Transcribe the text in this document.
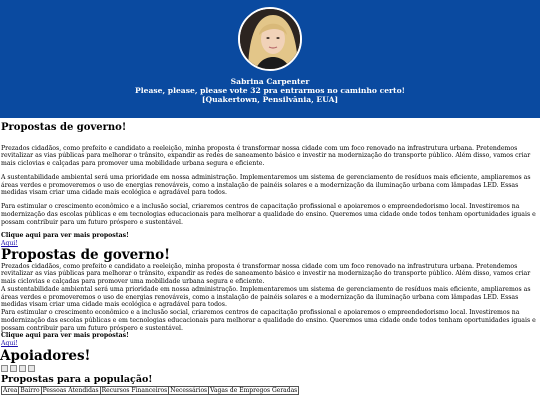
Sabrina Carpenter
Please, please, please vote 32 pra entrarmos no caminho certo!
[Quakertown, Pensilvânia, EUA]
Propostas de governo!

Prezados cidadãos, como prefeito e candidato a reeleição, minha proposta é transformar nossa cidade com um foco renovado na infrastrutura urbana. Pretendemos revitalizar as vias públicas para melhorar o trânsito, expandir as redes de saneamento básico e investir na modernização do transporte público. Além disso, vamos criar mais ciclovias e calçadas para promover uma mobilidade urbana segura e eficiente.

A sustentabilidade ambiental será uma prioridade em nossa administração. Implementaremos um sistema de gerenciamento de resíduos mais eficiente, ampliaremos as áreas verdes e promoveremos o uso de energias renováveis, como a instalação de painéis solares e a modernização da iluminação urbana com lâmpadas LED. Essas medidas visam criar uma cidade mais ecológica e agradável para todos.

Para estimular o crescimento econômico e a inclusão social, criaremos centros de capacitação profissional e apoiaremos o empreendedorismo local. Investiremos na modernização das escolas públicas e em tecnologias educacionais para melhorar a qualidade do ensino. Queremos uma cidade onde todos tenham oportunidades iguais e possam contribuir para um futuro próspero e sustentável.

Clique aqui para ver mais propostas!
Aqui!
Propostas de governo!

Prezados cidadãos, como prefeito e candidato a reeleição, minha proposta é transformar nossa cidade com um foco renovado na infrastrutura urbana. Pretendemos revitalizar as vias públicas para melhorar o trânsito, expandir as redes de saneamento básico e investir na modernização do transporte público. Além disso, vamos criar mais ciclovias e calçadas para promover uma mobilidade urbana segura e eficiente.

A sustentabilidade ambiental será uma prioridade em nossa administração. Implementaremos um sistema de gerenciamento de resíduos mais eficiente, ampliaremos as áreas verdes e promoveremos o uso de energias renováveis, como a instalação de painéis solares e a modernização da iluminação urbana com lâmpadas LED. Essas medidas visam criar uma cidade mais ecológica e agradável para todos.

Para estimular o crescimento econômico e a inclusão social, criaremos centros de capacitação profissional e apoiaremos o empreendedorismo local. Investiremos na modernização das escolas públicas e em tecnologias educacionais para melhorar a qualidade do ensino. Queremos uma cidade onde todos tenham oportunidades iguais e possam contribuir para um futuro próspero e sustentável.

Clique aqui para ver mais propostas!
Aqui!
Apoiadores!
Propostas para a população!
Area	Bairro	Pessoas Atendidas	Recursos Financeiros	Necessários	Vagas de Empregos Geradas
